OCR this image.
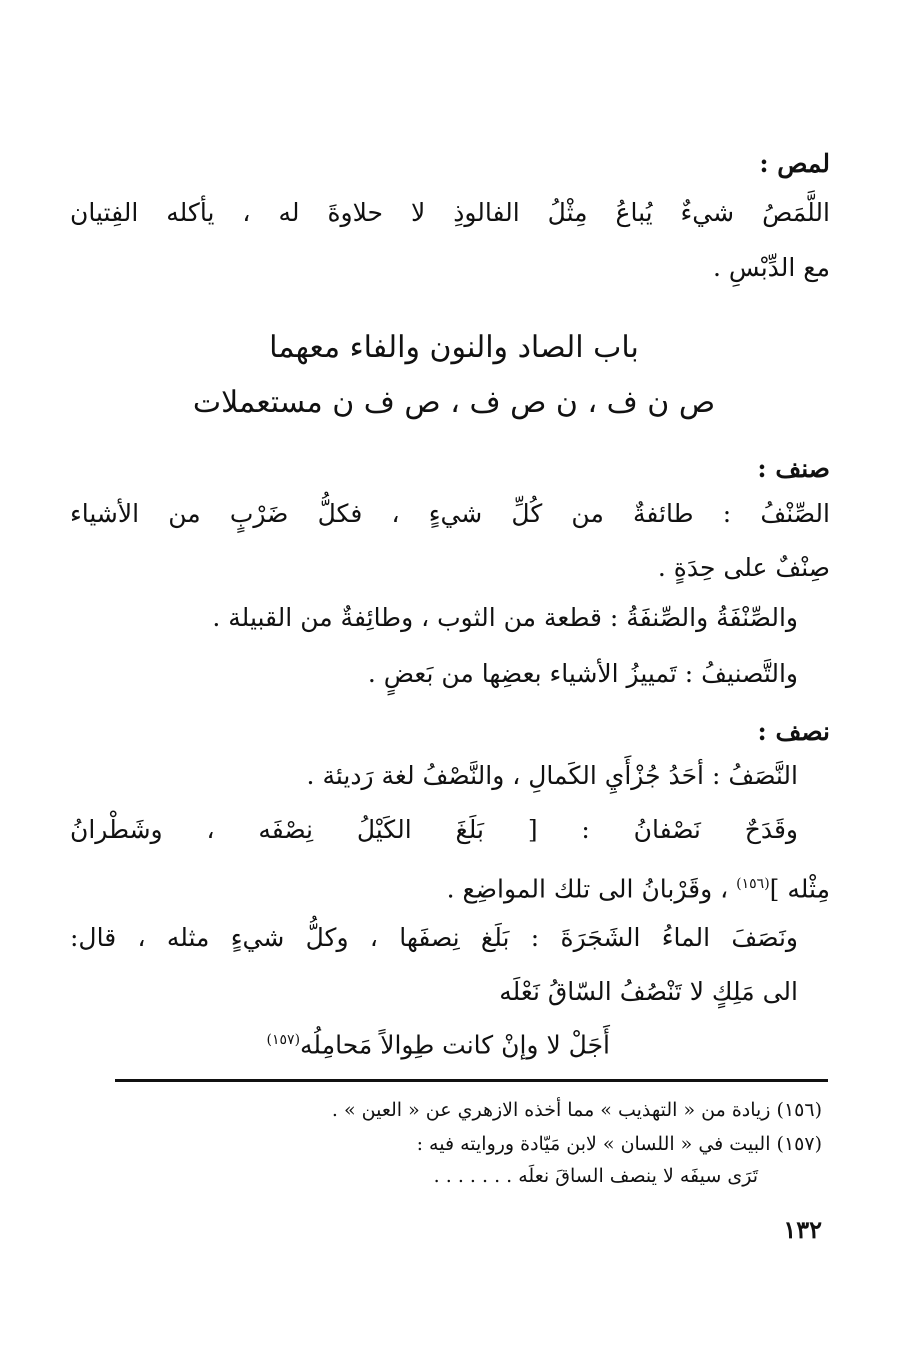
لمص :
اللَّمَصُ شيءٌ يُباعُ مِثْلُ الفالوذِ لا حلاوةَ له ، يأكله الفِتيان
مع الدِّبْسِ .
باب الصاد والنون والفاء معهما
ص ن ف ، ن ص ف ، ص ف ن مستعملات
صنف :
الصِّنْفُ : طائفةٌ من كُلِّ شيءٍ ، فكلُّ ضَرْبٍ من الأشياء
صِنْفٌ على حِدَةٍ .
والصِّنْفَةُ والصِّنفَةُ : قطعة من الثوب ، وطائِفةٌ من القبيلة .
والتَّصنيفُ : تَمييزُ الأشياء بعضِها من بَعضٍ .
نصف :
النَّصَفُ : أحَدُ جُزْأَيِ الكَمالِ ، والنَّصْفُ لغة رَديئة .
وقَدَحٌ نَصْفانُ : [ بَلَغَ الكَيْلُ نِصْفَه ، وشَطْرانُ
مِثْله ]$^{(١٥٦)}$ ، وقَرْبانُ الى تلك المواضِع .
ونَصَفَ الماءُ الشَجَرَةَ : بَلَغ نِصفَها ، وكلُّ شيءٍ مثله ، قال:
الى مَلِكٍ لا تَنْصُفُ السّاقُ نَعْلَه
أَجَلْ لا وإنْ كانت طِوالاً مَحامِلُه$^{(١٥٧)}$
(١٥٦) زيادة من « التهذيب » مما أخذه الازهري عن « العين » .
(١٥٧) البيت في « اللسان » لابن مَيّادة وروايته فيه :
تَرَى سيفَه لا ينصف الساقَ نعلَه . . . . . . .
١٣٢
